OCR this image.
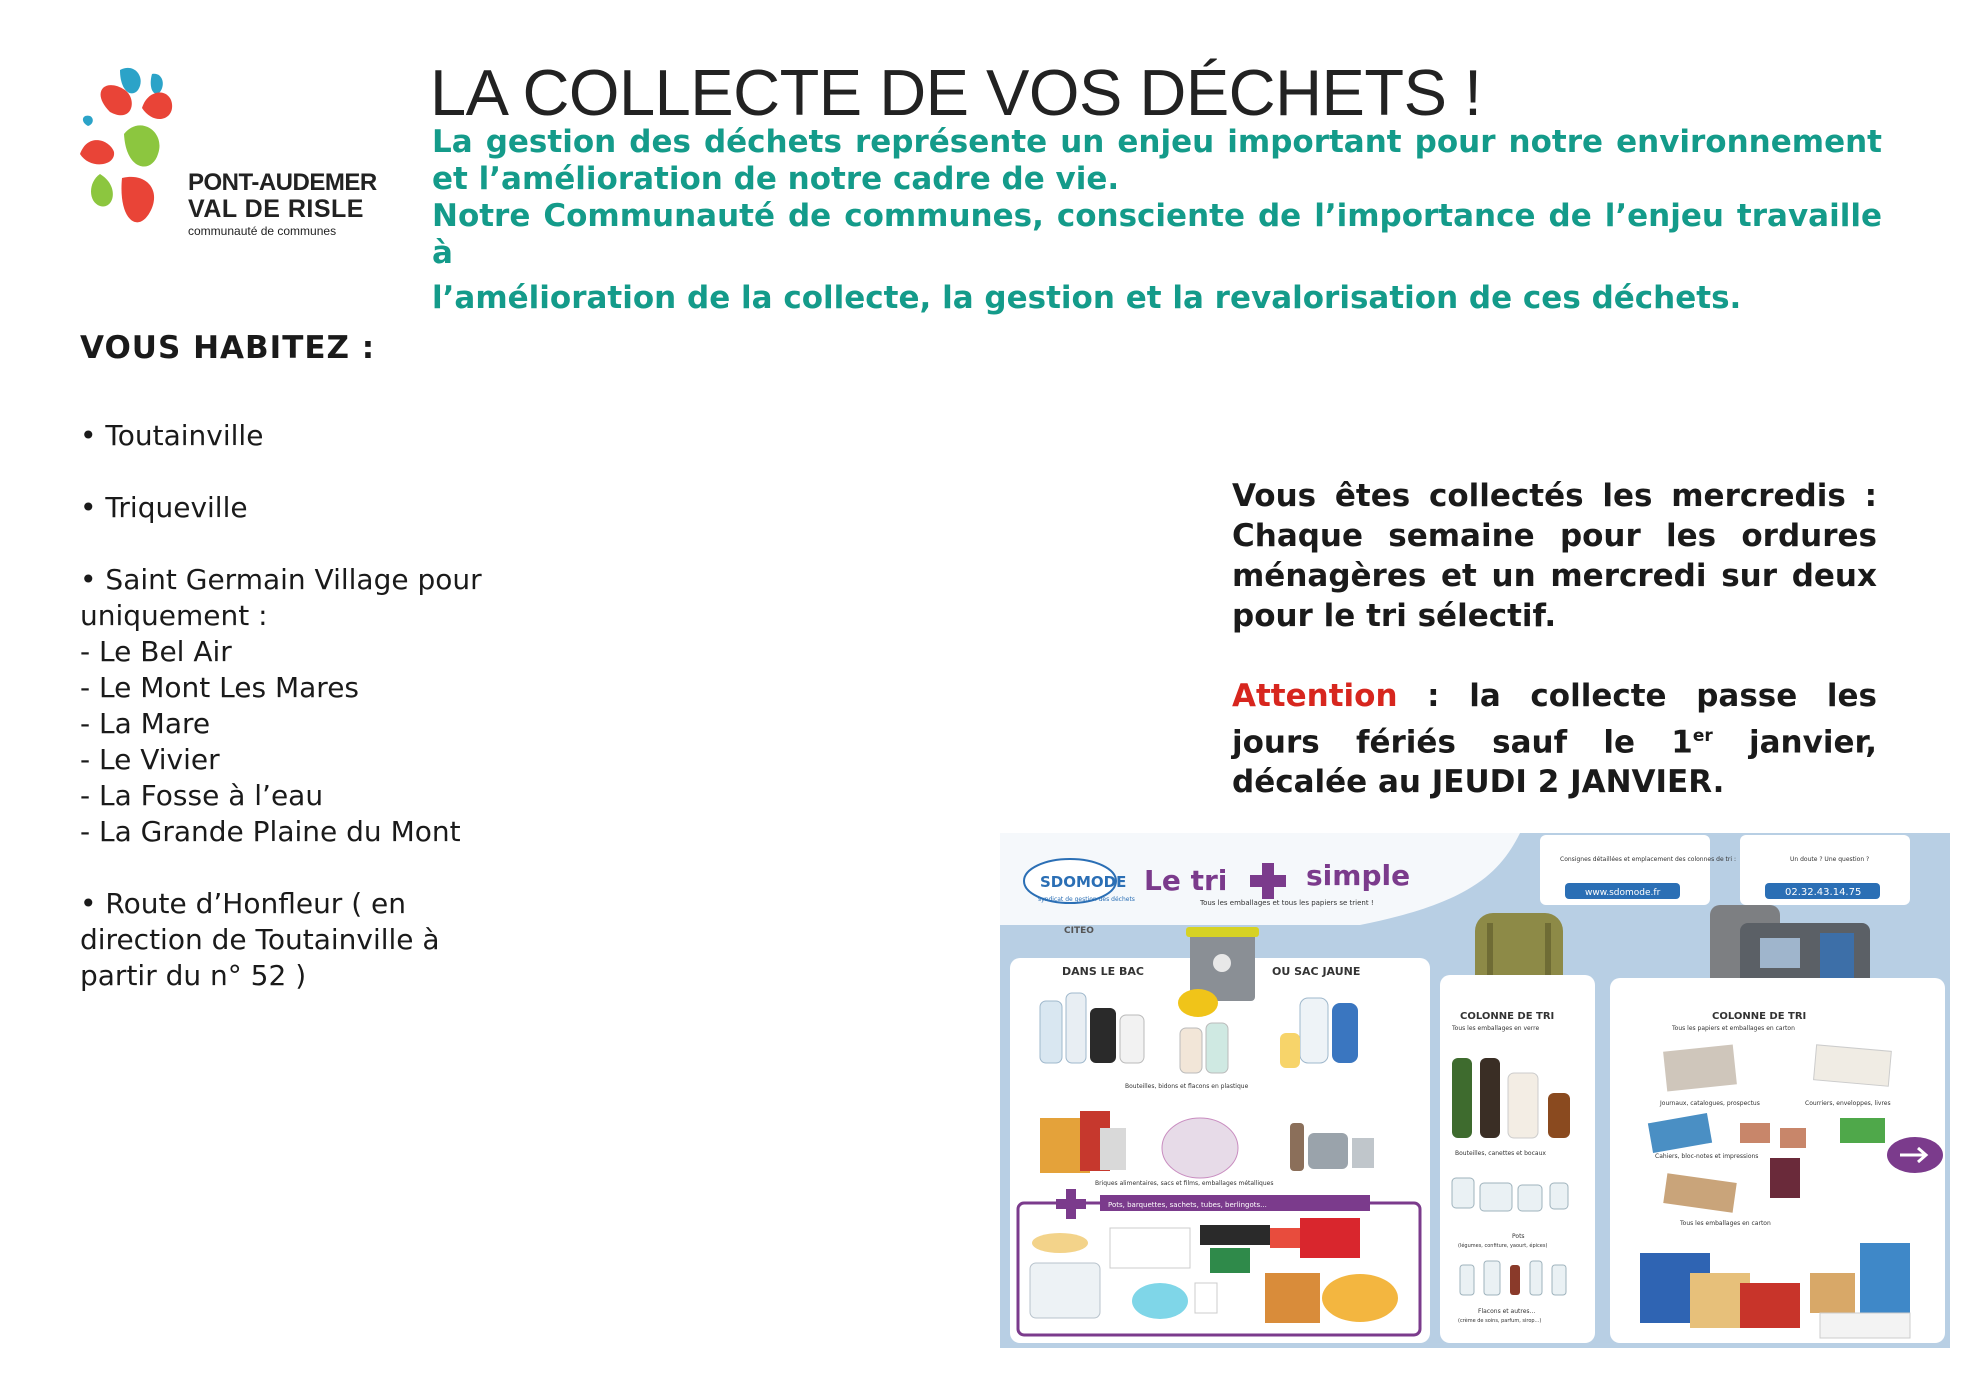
PONT-AUDEMER
VAL DE RISLE
communauté de communes
LA COLLECTE DE VOS DÉCHETS !

La gestion des déchets représente un enjeu important pour notre environnement et l’amélioration de notre cadre de vie.

Notre Communauté de communes, consciente de l’importance de l’enjeu travaille à
l’amélioration de la collecte, la gestion et la revalorisation de ces déchets.

VOUS HABITEZ :
• Toutainville
• Triqueville
• Saint Germain Village pour uniquement :
- Le Bel Air
- Le Mont Les Mares
- La Mare
- Le Vivier
- La Fosse à l’eau
- La Grande Plaine du Mont
• Route d’Honfleur ( en direction de Toutainville à partir du n° 52 )

Vous êtes collectés les mercredis : Chaque semaine pour les ordures ménagères et un mercredi sur deux pour le tri sélectif.

Attention : la collecte passe les jours fériés sauf le 1er janvier, décalée au JEUDI 2 JANVIER.

SDOMODE
syndicat de gestion des déchets
Le tri	simple
Tous les emballages et tous les papiers se trient !
CITEO
Consignes détaillées et emplacement des colonnes de tri :
www.sdomode.fr
Un doute ? Une question ?
02.32.43.14.75
DANS LE BAC	OU SAC JAUNE
Bouteilles, bidons et flacons en plastique
Briques alimentaires, sacs et films, emballages métalliques
Pots, barquettes, sachets, tubes, berlingots...
COLONNE DE TRI
Tous les emballages en verre
Bouteilles, canettes et bocaux
Pots
(légumes, confiture, yaourt, épices)
Flacons et autres...
(crème de soins, parfum, sirop...)
COLONNE DE TRI
Tous les papiers et emballages en carton
Journaux, catalogues, prospectus	Courriers, enveloppes, livres
Cahiers, bloc-notes et impressions
Tous les emballages en carton
